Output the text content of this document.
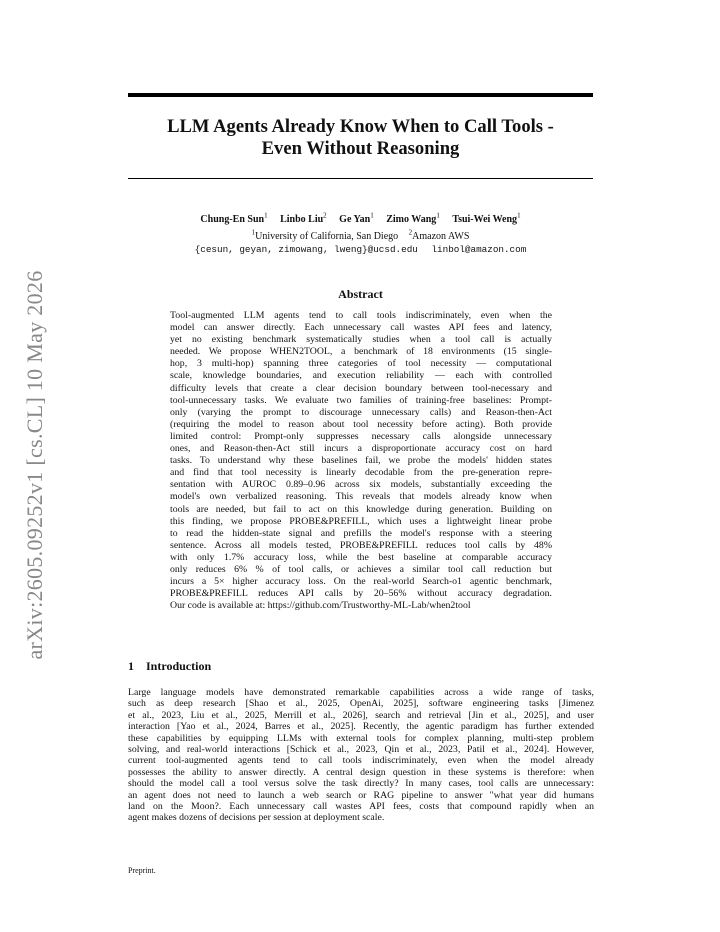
LLM Agents Already Know When to Call Tools -
Even Without Reasoning
Chung-En Sun$^1$ Linbo Liu$^2$ Ge Yan$^1$ Zimo Wang$^1$ Tsui-Wei Weng$^1$
$^1$University of California, San Diego $^2$Amazon AWS
{cesun, geyan, zimowang, lweng}@ucsd.edu linbol@amazon.com
Abstract
Tool-augmented LLM agents tend to call tools indiscriminately, even when the
model can answer directly. Each unnecessary call wastes API fees and latency,
yet no existing benchmark systematically studies when a tool call is actually
needed. We propose WHEN2TOOL, a benchmark of 18 environments (15 single-
hop, 3 multi-hop) spanning three categories of tool necessity — computational
scale, knowledge boundaries, and execution reliability — each with controlled
difficulty levels that create a clear decision boundary between tool-necessary and
tool-unnecessary tasks. We evaluate two families of training-free baselines: Prompt-
only (varying the prompt to discourage unnecessary calls) and Reason-then-Act
(requiring the model to reason about tool necessity before acting). Both provide
limited control: Prompt-only suppresses necessary calls alongside unnecessary
ones, and Reason-then-Act still incurs a disproportionate accuracy cost on hard
tasks. To understand why these baselines fail, we probe the models' hidden states
and find that tool necessity is linearly decodable from the pre-generation repre-
sentation with AUROC 0.89–0.96 across six models, substantially exceeding the
model's own verbalized reasoning. This reveals that models already know when
tools are needed, but fail to act on this knowledge during generation. Building on
this finding, we propose PROBE&PREFILL, which uses a lightweight linear probe
to read the hidden-state signal and prefills the model's response with a steering
sentence. Across all models tested, PROBE&PREFILL reduces tool calls by 48%
with only 1.7% accuracy loss, while the best baseline at comparable accuracy
only reduces 6% % of tool calls, or achieves a similar tool call reduction but
incurs a 5× higher accuracy loss. On the real-world Search-o1 agentic benchmark,
PROBE&PREFILL reduces API calls by 20–56% without accuracy degradation.
Our code is available at: https://github.com/Trustworthy-ML-Lab/when2tool
1 Introduction
Large language models have demonstrated remarkable capabilities across a wide range of tasks,
such as deep research [Shao et al., 2025, OpenAi, 2025], software engineering tasks [Jimenez
et al., 2023, Liu et al., 2025, Merrill et al., 2026], search and retrieval [Jin et al., 2025], and user
interaction [Yao et al., 2024, Barres et al., 2025]. Recently, the agentic paradigm has further extended
these capabilities by equipping LLMs with external tools for complex planning, multi-step problem
solving, and real-world interactions [Schick et al., 2023, Qin et al., 2023, Patil et al., 2024]. However,
current tool-augmented agents tend to call tools indiscriminately, even when the model already
possesses the ability to answer directly. A central design question in these systems is therefore: when
should the model call a tool versus solve the task directly? In many cases, tool calls are unnecessary:
an agent does not need to launch a web search or RAG pipeline to answer "what year did humans
land on the Moon?. Each unnecessary call wastes API fees, costs that compound rapidly when an
agent makes dozens of decisions per session at deployment scale.
Preprint.
arXiv:2605.09252v1 [cs.CL] 10 May 2026
